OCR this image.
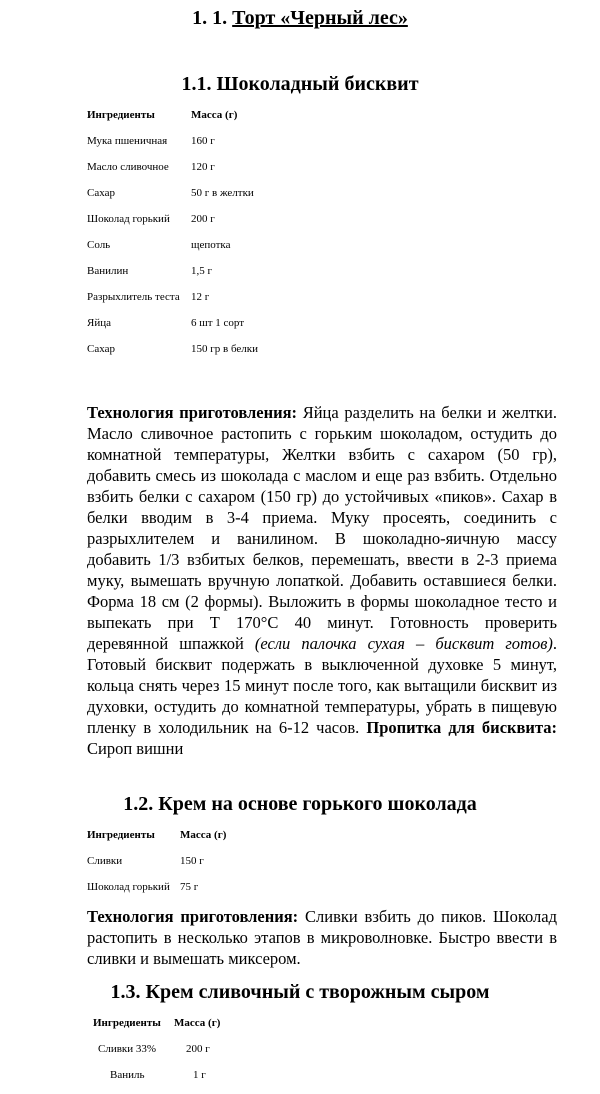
1. 1. Торт «Черный лес»
1.1. Шоколадный бисквит
Ингредиенты	Масса (г)
Мука пшеничная	160 г
Масло сливочное	120 г
Сахар	50 г в желтки
Шоколад горький	200 г
Соль	щепотка
Ванилин	1,5 г
Разрыхлитель теста	12 г
Яйца	6 шт 1 сорт
Сахар	150 гр в белки

Технология приготовления: Яйца разделить на белки и желтки. Масло сливочное растопить с горьким шоколадом, остудить до комнатной температуры, Желтки взбить с сахаром (50 гр), добавить смесь из шоколада с маслом и еще раз взбить. Отдельно взбить белки с сахаром (150 гр) до устойчивых «пиков». Сахар в белки вводим в 3-4 приема. Муку просеять, соединить с разрыхлителем и ванилином. В шоколадно-яичную массу добавить 1/3 взбитых белков, перемешать, ввести в 2-3 приема муку, вымешать вручную лопаткой. Добавить оставшиеся белки. Форма 18 см (2 формы). Выложить в формы шоколадное тесто и выпекать при Т 170°С 40 минут. Готовность проверить деревянной шпажкой (если палочка сухая – бисквит готов). Готовый бисквит подержать в выключенной духовке 5 минут, кольца снять через 15 минут после того, как вытащили бисквит из духовки, остудить до комнатной температуры, убрать в пищевую пленку в холодильник на 6-12 часов. Пропитка для бисквита: Сироп вишни

1.2. Крем на основе горького шоколада
Ингредиенты	Масса (г)
Сливки	150 г
Шоколад горький	75 г

Технология приготовления: Сливки взбить до пиков. Шоколад растопить в несколько этапов в микроволновке. Быстро ввести в сливки и вымешать миксером.

1.3. Крем сливочный с творожным сыром
Ингредиенты	Масса (г)
Сливки 33%	200 г
Ваниль	1 г
